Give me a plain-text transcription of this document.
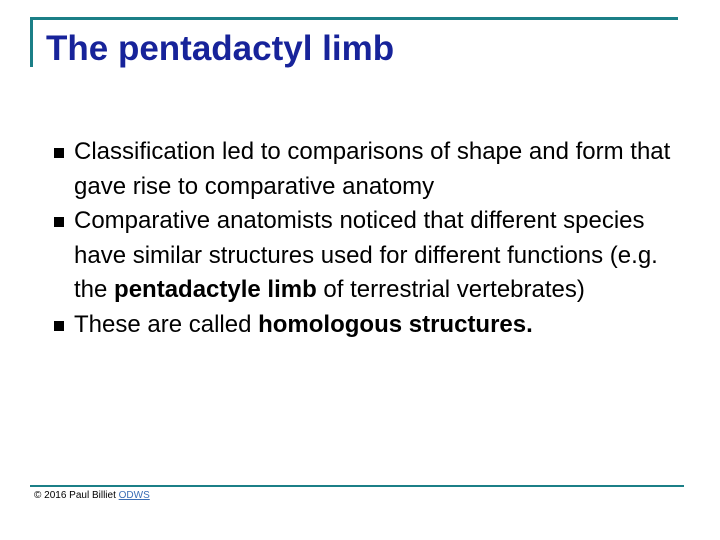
The pentadactyl limb
Classification led to comparisons of shape and form that gave rise to comparative anatomy
Comparative anatomists noticed that different species have similar structures used for different functions (e.g. the pentadactyle limb of terrestrial vertebrates)
These are called homologous structures.
© 2016 Paul Billiet ODWS
